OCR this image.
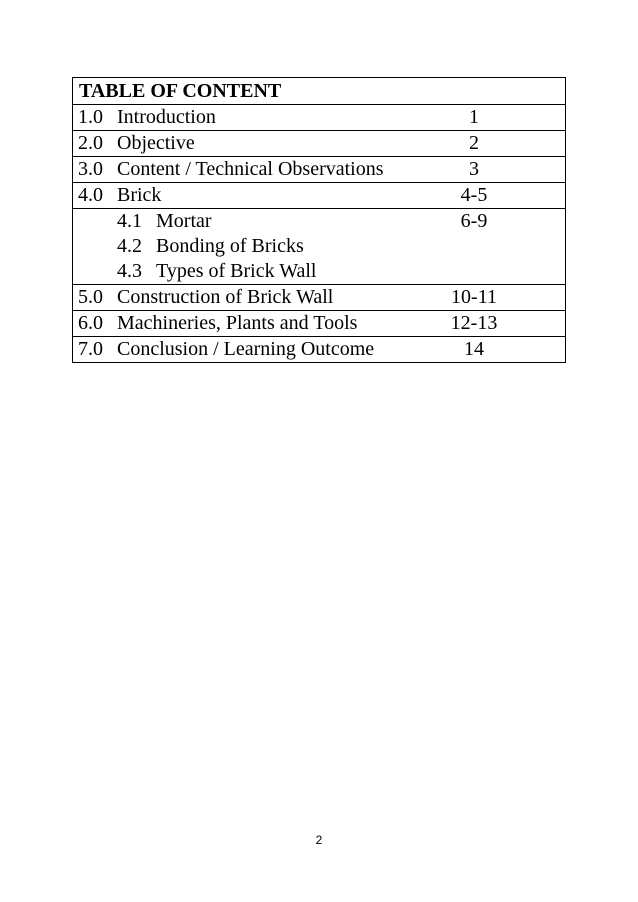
TABLE OF CONTENT
1.0 Introduction	1
2.0 Objective	2
3.0 Content / Technical Observations	3
4.0 Brick	4-5
4.1 Mortar	6-9
4.2 Bonding of Bricks
4.3 Types of Brick Wall
5.0 Construction of Brick Wall	10-11
6.0 Machineries, Plants and Tools	12-13
7.0 Conclusion / Learning Outcome	14
2
